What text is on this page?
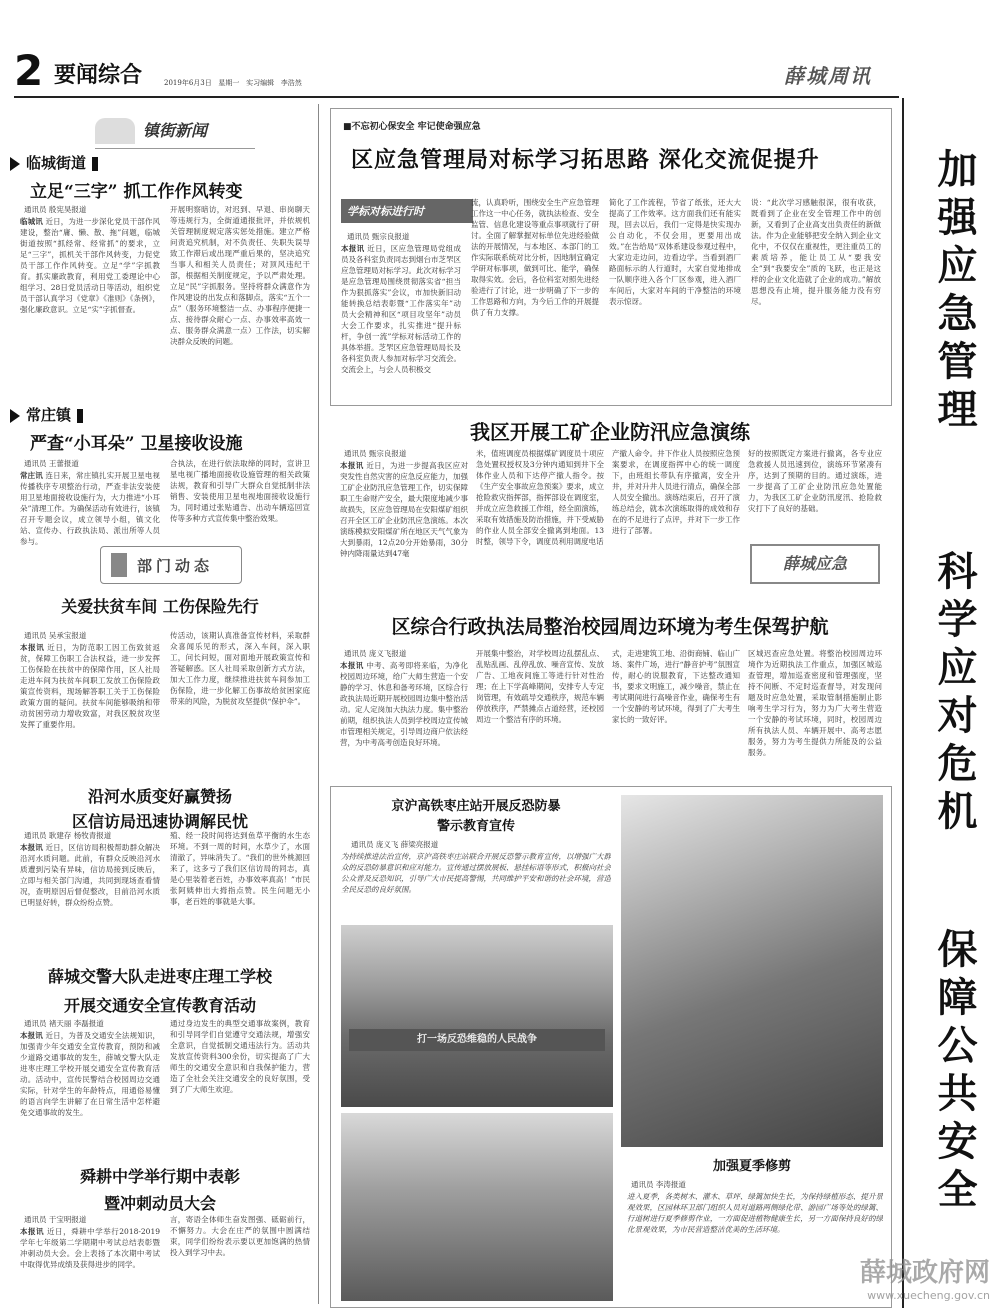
2 要闻综合	2019年6月3日 星期一 实习编辑 李浩然	薛城周讯
镇街新闻
临城街道
立足“三字” 抓工作作风转变
通讯员 殷宪昊报道
临城讯 近日，为进一步深化党员干部作风建设，整治“庸、懒、散、拖”问题，临城街道按照“抓经常、经常抓”的要求，立足“三字”，抓机关干部作风转变，力促党员干部工作作风转变。立足“学”字抓教育。抓实廉政教育，利用党工委理论中心组学习、28日党员活动日等活动，组织党员干部认真学习《党章》《准则》《条例》，强化廉政意识。立足“实”字抓督查。
开展明察暗访，对迟到、早退、串岗聊天等违规行为，全街道通报批评，并依规机关管理制度规定落实惩处措施。建立严格问责追究机制，对不负责任、失职失误导致工作滞后或出现严重后果的，坚决追究当事人和相关人员责任；对顶风违纪干部，根据相关制度规定，予以严肃处理。立足“民”字抓服务。坚持将群众满意作为作风建设的出发点和落脚点，落实“五个一点”（服务环境整洁一点、办事程序便捷一点、接待群众耐心一点、办事效率高效一点、服务群众满意一点）工作法，切实解决群众反映的问题。
常庄镇
严查“小耳朵” 卫星接收设施
通讯员 王蕾报道
常庄讯 连日来，常庄镇扎实开展卫星电视传播秩序专项整治行动，严查非法安装使用卫星地面接收设施行为，大力推进“小耳朵”清理工作。为确保活动有效进行，该镇召开专题会议，成立领导小组，镇文化站、宣传办、行政执法局、派出所等人员参与。
合执法，在进行依法取缔的同时，宣讲卫星电视广播地面接收设施管理的相关政策法规，教育和引导广大群众自觉抵制非法销售、安装使用卫星电视地面接收设施行为，同时通过张贴通告、出动车辆巡回宣传等多种方式宣传集中整治效果。
部门动态
关爱扶贫车间 工伤保险先行
通讯员 吴承宝报道
本报讯 近日，为防范职工因工伤致贫返贫，保障工伤职工合法权益，进一步发挥工伤保险在扶贫中的保障作用，区人社局走进车间为扶贫车间职工发放工伤保险政策宣传资料，现场解答职工关于工伤保险政策方面的疑问。扶贫车间能够吸纳和带动贫困劳动力增收致富，对我区脱贫攻坚发挥了重要作用。
传活动，该期认真准备宣传材料，采取群众喜闻乐见的形式，深入车间，深入职工，问长问短，面对面地开展政策宣传和答疑解惑。区人社局采取创新方式方法，加大工作力度，继续推进扶贫车间参加工伤保险，进一步化解工伤事故给贫困家庭带来的风险，为脱贫攻坚提供“保护伞”。
沿河水质变好赢赞扬
区信访局迅速协调解民忧
通讯员 耿建存 杨牧青报道
本报讯 近日，区信访局积极帮助群众解决沿河水质问题。此前，有群众反映沿河水质遭到污染有异味，信访局接到反映后，立即与相关部门沟通，共同到现场查看情况，查明原因后督促整改，目前沿河水质已明显好转，群众纷纷点赞。
殖、经一段时间将达到鱼草平衡的水生态环境。不到一周的时间，水草少了，水面清澈了，异味消失了。“我们的世外桃源回来了，这多亏了我们区信访局的同志，真是心里装着老百姓，办事效率真高！”市民张阿姨伸出大拇指点赞。民生问题无小事，老百姓的事就是大事。
薛城交警大队走进枣庄理工学校
开展交通安全宣传教育活动
通讯员 褚天丽 李磊报道
本报讯 近日，为普及交通安全法规知识，加强青少年交通安全宣传教育，预防和减少道路交通事故的发生，薛城交警大队走进枣庄理工学校开展交通安全宣传教育活动。活动中，宣传民警结合校园周边交通实际，针对学生的年龄特点，用通俗易懂的语言向学生讲解了在日常生活中怎样避免交通事故的发生。
通过身边发生的典型交通事故案例，教育和引导同学们自觉遵守交通法规，增强安全意识，自觉抵制交通违法行为。活动共发放宣传资料300余份，切实提高了广大师生的交通安全意识和自我保护能力，营造了全社会关注交通安全的良好氛围，受到了广大师生欢迎。
舜耕中学举行期中表彰
暨冲刺动员大会
通讯员 于宝明报道
本报讯 近日，舜耕中学举行2018-2019学年七年级第二学期期中考试总结表彰暨冲刺动员大会。会上表扬了本次期中考试中取得优异成绩及获得进步的同学。
言，寄语全体师生奋发图强、砥砺前行，不懈努力。大会在庄严的氛围中圆满结束，同学们纷纷表示要以更加饱满的热情投入到学习中去。
■不忘初心保安全 牢记使命强应急
区应急管理局对标学习拓思路 深化交流促提升
学标对标进行时
通讯员 甄宗良报道
本报讯 近日，区应急管理局党组成员及各科室负责同志到烟台市芝罘区应急管理局对标学习。此次对标学习是应急管理局围绕贯彻落实省“担当作为狠抓落实”会议，市加快新旧动能转换总结表彰暨“工作落实年”动员大会精神和区“项目攻坚年”动员大会工作要求，扎实推进“提升标杆，争创一流”学标对标活动工作的具体举措。芝罘区应急管理局局长及各科室负责人参加对标学习交流会。交流会上，与会人员积极交
流，认真聆听，围绕安全生产应急管理工作这一中心任务，就执法检查、安全监管、信息化建设等重点事项就行了研讨。全面了解掌握对标单位先进经验做法的开展情况，与本地区、本部门的工作实际联系统对比分析，因地制宜确定学研对标事项，做到可比、能学，确保取得实效。会后，各位科室对照先进经验进行了讨论，进一步明确了下一步的工作思路和方向，为今后工作的开展提供了有力支撑。
简化了工作流程，节省了纸张，还大大提高了工作效率。这方面我们还有能实现，回去以后，我们一定得是快实现办公自动化，不仅会用，更要用出成效。”在告给局“双体系建设参观过程中，大家边走边问，边看边学。当看到酒厂路面标示的人行道时，大家自觉地排成一队顺序进入各个厂区参观，进入酒厂车间后，大家对车间的干净整洁的环境表示惊讶。
说：“此次学习感触很深，很有收获，既看到了企业在安全管理工作中的创新，又看到了企业高支出负责任的新做法。作为企业能够把安全纳入到企业文化中，不仅仅在重视性，更注重员工的素质培养，能让员工从“要我安全”到“我要安全”质的飞跃，也正是这样的企业文化造就了企业的成功。”解放思想没有止境，提升服务能力没有穷尽。
我区开展工矿企业防汛应急演练
通讯员 甄宗良报道
本报讯 近日，为进一步提高我区应对突发性自然灾害的应急反应能力，加强工矿企业防汛应急管理工作，切实保障职工生命财产安全，最大限度地减少事故损失，区应急管理局在安阳煤矿组织召开全区工矿企业防汛应急演练。本次演练模拟安阳煤矿所在地区天气气象为大到暴雨，12点20分开始暴雨，30分钟内降雨量达到47毫
米，值班调度员根据煤矿调度员十项应急处置权授权及3分钟内通知到井下全体作业人员和下达停产撤人指令。按《生产安全事故应急预案》要求，成立抢险救灾指挥部，指挥部设在调度室，并成立应急救援工作组，经全面演练，采取有效措施及防治措施，并下受威胁的作业人员全部安全撤离到地面。13时整，领导下令，调度员利用调度电话
产撤人命令。井下作业人员按照应急预案要求，在调度指挥中心的统一调度下，由班组长带队有序撤离，安全升井，并对升井人员进行清点，确保全部人员安全撤出。演练结束后，召开了演练总结会，就本次演练取得的成效和存在的不足进行了点评，并对下一步工作进行了部署。
好的按照既定方案进行撤离，各专业应急救援人员迅速到位，演练环节紧凑有序，达到了预期的目的。通过演练，进一步提高了工矿企业防汛应急处置能力，为我区工矿企业防汛度汛、抢险救灾打下了良好的基础。
薛城应急
区综合行政执法局整治校园周边环境为考生保驾护航
通讯员 庞义飞报道
本报讯 中考、高考即将来临，为净化校园周边环境，给广大师生营造一个安静的学习、休息和备考环境，区综合行政执法局近期开展校园周边集中整治活动。定人定岗加大执法力度。集中整治前期，组织执法人员到学校周边宣传城市管理相关规定，引导周边商户依法经营，为中考高考创造良好环境。
开展集中整治，对学校周边乱摆乱点、乱贴乱画、乱停乱放、噪音宣传、发放广告、工地夜间施工等进行针对性治理；在上下学高峰期间，安排专人专定岗管理，有效疏导交通秩序，规范车辆停放秩序，严禁摊点占道经营，还校园周边一个整洁有序的环境。
式，走进建筑工地、沿街商铺、临山广场、案件广场，进行“静音护考”氛围宣传，耐心的说服教育，下达整改通知书，要求文明施工，减少噪音，禁止在考试期间进行高噪音作业，确保考生有一个安静的考试环境，得到了广大考生家长的一致好评。
区城迟查应急处置。将整治校园周边环境作为近期执法工作重点，加强区城巡查管理，增加巡查密度和管理强度，坚持不间断、不定时巡查督导，对发现问题及时应急处置，采取管制措施制止影响考生学习行为，努力为广大考生营造一个安静的考试环境，同时，校园周边所有执法人员、车辆开展中、高考志愿服务，努力为考生提供力所能及的公益服务。
京沪高铁枣庄站开展反恐防暴
警示教育宣传
通讯员 庞义飞 薛梁亮报道
为持续推进法治宣传，京沪高铁枣庄站联合开展反恐警示教育宣传，以增强广大群众的反恐防暴意识和应对能力。宣传通过摆放展板、悬挂标语等形式，积极向社会公众普及反恐知识，引导广大市民提高警惕，共同维护平安和谐的社会环境，营造全民反恐的良好氛围。
打一场反恐维稳的人民战争
加强夏季修剪
通讯员 李涛报道
进入夏季，各类树木、灌木、草坪、绿篱加快生长，为保持绿植形态、提升景观效果，区园林环卫部门组织人员对道路两侧绿化带、游园广场等处的绿篱、行道树进行夏季修剪作业，一方面促进植物健康生长，另一方面保持良好的绿化景观效果，为市民营造整洁优美的生活环境。
加强应急管理
科学应对危机
保障公共安全
薛城政府网
www.xuecheng.gov.cn
